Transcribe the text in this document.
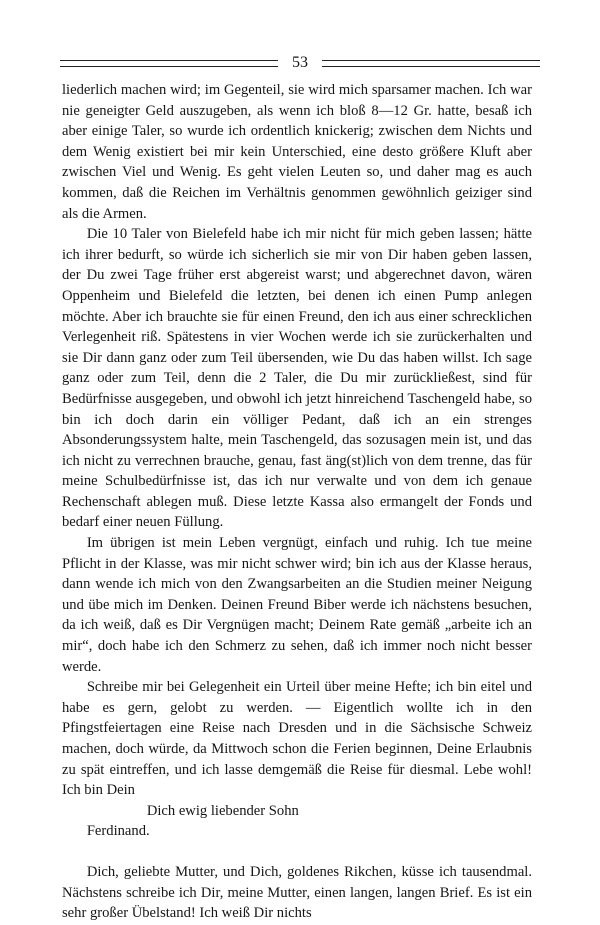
53

liederlich machen wird; im Gegenteil, sie wird mich sparsamer machen. Ich war nie geneigter Geld auszugeben, als wenn ich bloß 8—12 Gr. hatte, besaß ich aber einige Taler, so wurde ich ordentlich knickerig; zwischen dem Nichts und dem Wenig existiert bei mir kein Unterschied, eine desto größere Kluft aber zwischen Viel und Wenig. Es geht vielen Leuten so, und daher mag es auch kommen, daß die Reichen im Verhältnis genommen gewöhnlich geiziger sind als die Armen.

Die 10 Taler von Bielefeld habe ich mir nicht für mich geben lassen; hätte ich ihrer bedurft, so würde ich sicherlich sie mir von Dir haben geben lassen, der Du zwei Tage früher erst abgereist warst; und abgerechnet davon, wären Oppenheim und Bielefeld die letzten, bei denen ich einen Pump anlegen möchte. Aber ich brauchte sie für einen Freund, den ich aus einer schrecklichen Verlegenheit riß. Spätestens in vier Wochen werde ich sie zurückerhalten und sie Dir dann ganz oder zum Teil übersenden, wie Du das haben willst. Ich sage ganz oder zum Teil, denn die 2 Taler, die Du mir zurückließest, sind für Bedürfnisse ausgegeben, und obwohl ich jetzt hinreichend Taschengeld habe, so bin ich doch darin ein völliger Pedant, daß ich an ein strenges Absonderungssystem halte, mein Taschengeld, das sozusagen mein ist, und das ich nicht zu verrechnen brauche, genau, fast äng(st)lich von dem trenne, das für meine Schulbedürfnisse ist, das ich nur verwalte und von dem ich genaue Rechenschaft ablegen muß. Diese letzte Kassa also ermangelt der Fonds und bedarf einer neuen Füllung.

Im übrigen ist mein Leben vergnügt, einfach und ruhig. Ich tue meine Pflicht in der Klasse, was mir nicht schwer wird; bin ich aus der Klasse heraus, dann wende ich mich von den Zwangsarbeiten an die Studien meiner Neigung und übe mich im Denken. Deinen Freund Biber werde ich nächstens besuchen, da ich weiß, daß es Dir Vergnügen macht; Deinem Rate gemäß „arbeite ich an mir“, doch habe ich den Schmerz zu sehen, daß ich immer noch nicht besser werde.

Schreibe mir bei Gelegenheit ein Urteil über meine Hefte; ich bin eitel und habe es gern, gelobt zu werden. — Eigentlich wollte ich in den Pfingstfeiertagen eine Reise nach Dresden und in die Sächsische Schweiz machen, doch würde, da Mittwoch schon die Ferien beginnen, Deine Erlaubnis zu spät eintreffen, und ich lasse demgemäß die Reise für diesmal. Lebe wohl! Ich bin Dein

Dich ewig liebender Sohn

Ferdinand.

Dich, geliebte Mutter, und Dich, goldenes Rikchen, küsse ich tausendmal. Nächstens schreibe ich Dir, meine Mutter, einen langen, langen Brief. Es ist ein sehr großer Übelstand! Ich weiß Dir nichts
